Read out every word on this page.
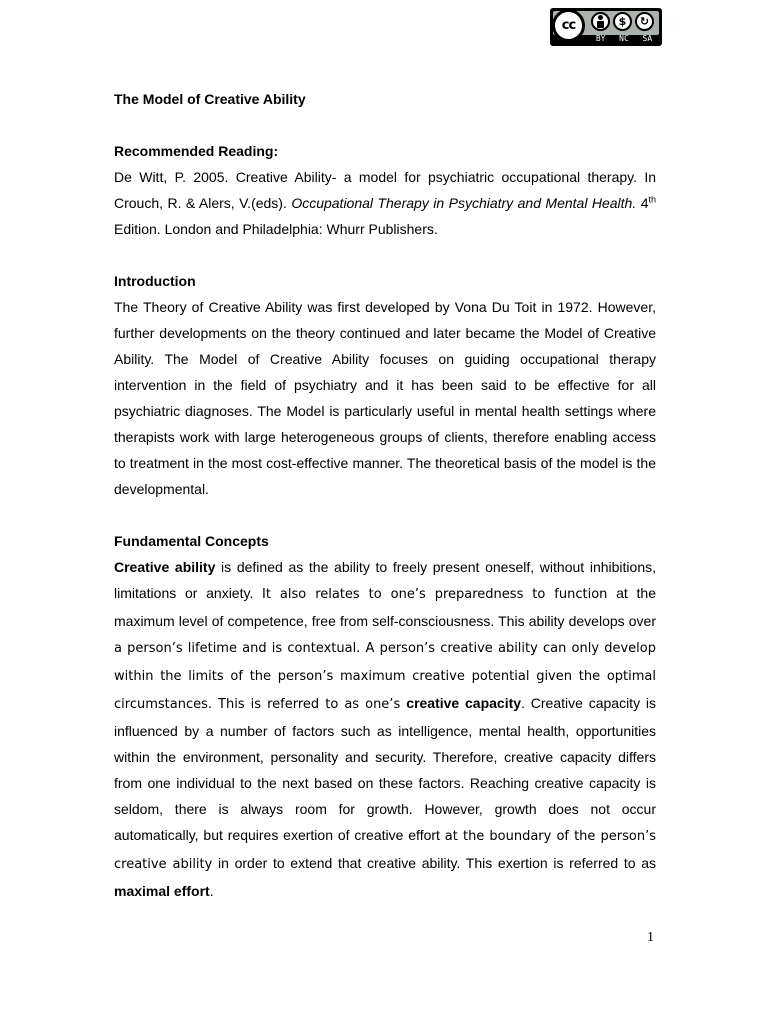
cc	$	↻
BY NC SA

The Model of Creative Ability

Recommended Reading:

De Witt, P. 2005. Creative Ability- a model for psychiatric occupational therapy. In Crouch, R. & Alers, V.(eds). Occupational Therapy in Psychiatry and Mental Health. 4th Edition. London and Philadelphia: Whurr Publishers.

Introduction

The Theory of Creative Ability was first developed by Vona Du Toit in 1972. However, further developments on the theory continued and later became the Model of Creative Ability. The Model of Creative Ability focuses on guiding occupational therapy intervention in the field of psychiatry and it has been said to be effective for all psychiatric diagnoses. The Model is particularly useful in mental health settings where therapists work with large heterogeneous groups of clients, therefore enabling access to treatment in the most cost-effective manner. The theoretical basis of the model is the developmental.

Fundamental Concepts

Creative ability is defined as the ability to freely present oneself, without inhibitions, limitations or anxiety. It also relates to one’s preparedness to function at the maximum level of competence, free from self-consciousness. This ability develops over a person’s lifetime and is contextual. A person’s creative ability can only develop within the limits of the person’s maximum creative potential given the optimal circumstances. This is referred to as one’s creative capacity. Creative capacity is influenced by a number of factors such as intelligence, mental health, opportunities within the environment, personality and security. Therefore, creative capacity differs from one individual to the next based on these factors. Reaching creative capacity is seldom, there is always room for growth. However, growth does not occur automatically, but requires exertion of creative effort at the boundary of the person’s creative ability in order to extend that creative ability. This exertion is referred to as maximal effort.

1
